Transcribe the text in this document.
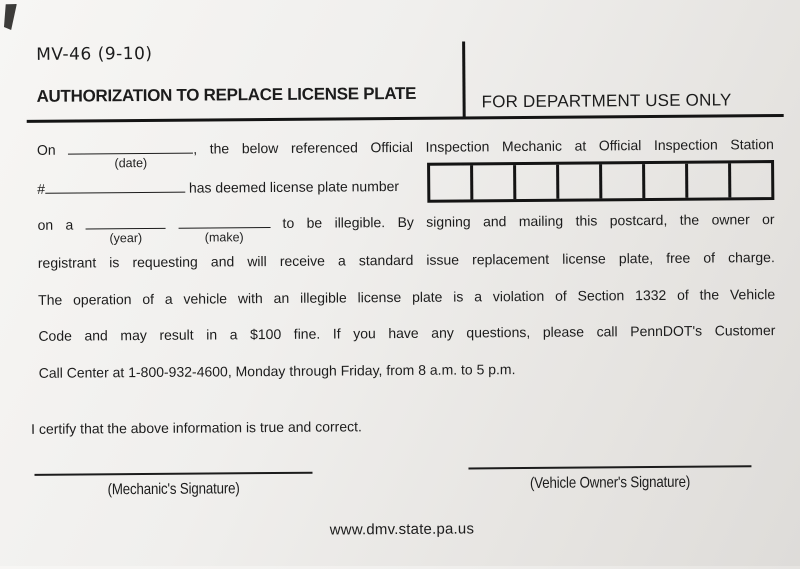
MV-46 (9-10)
AUTHORIZATION TO REPLACE LICENSE PLATE	FOR DEPARTMENT USE ONLY
On
(date)
, the below referenced Official Inspection Mechanic at Official Inspection Station
#	has deemed license plate number
on a
(year)
	(make)
to be illegible. By signing and mailing this postcard, the owner or
registrant is requesting and will receive a standard issue replacement license plate, free of charge.
The operation of a vehicle with an illegible license plate is a violation of Section 1332 of the Vehicle
Code and may result in a $100 fine. If you have any questions, please call PennDOT's Customer
Call Center at 1-800-932-4600, Monday through Friday, from 8 a.m. to 5 p.m.
I certify that the above information is true and correct.
(Mechanic's Signature)	(Vehicle Owner's Signature)
www.dmv.state.pa.us
